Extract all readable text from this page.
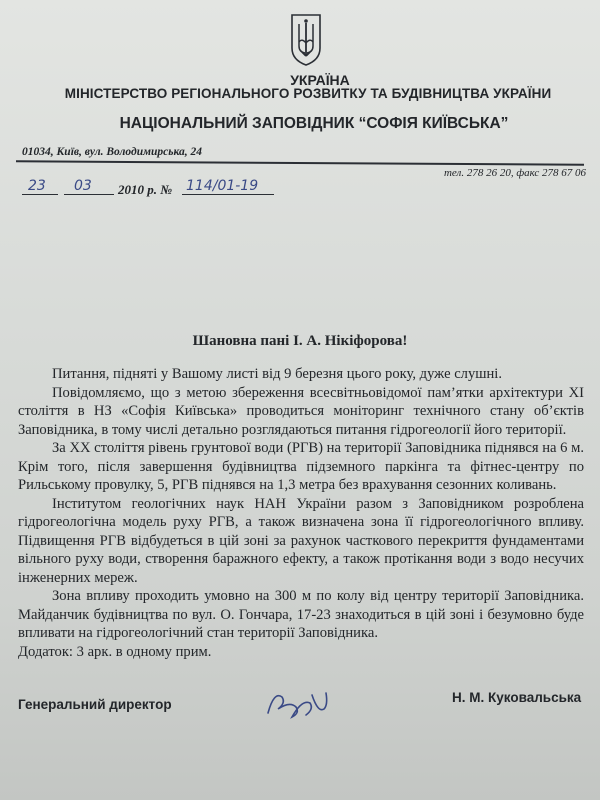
УКРАЇНА
МІНІСТЕРСТВО РЕГІОНАЛЬНОГО РОЗВИТКУ ТА БУДІВНИЦТВА УКРАЇНИ
НАЦІОНАЛЬНИЙ ЗАПОВІДНИК “СОФІЯ КИЇВСЬКА”
01034, Київ, вул. Володимирська, 24
тел. 278 26 20, факс 278 67 06
23 03 2010 р. № 114/01-19
Шановна пані І. А. Нікіфорова!

Питання, підняті у Вашому листі від 9 березня цього року, дуже слушні.

Повідомляємо, що з метою збереження всесвітньовідомої пам’ятки архітектури XI століття в НЗ «Софія Київська» проводиться моніторинг технічного стану об’єктів Заповідника, в тому числі детально розглядаються питання гідрогеології його території.

За XX століття рівень грунтової води (РГВ) на території Заповідника піднявся на 6 м. Крім того, після завершення будівництва підземного паркінга та фітнес-центру по Рильському провулку, 5, РГВ піднявся на 1,3 метра без врахування сезонних коливань.

Інститутом геологічних наук НАН України разом з Заповідником розроблена гідрогеологічна модель руху РГВ, а також визначена зона її гідрогеологічного впливу. Підвищення РГВ відбудеться в цій зоні за рахунок часткового перекриття фундаментами вільного руху води, створення баражного ефекту, а також протікання води з водо несучих інженерних мереж.

Зона впливу проходить умовно на 300 м по колу від центру території Заповідника. Майданчик будівництва по вул. О. Гончара, 17-23 знаходиться в цій зоні і безумовно буде впливати на гідрогеологічний стан території Заповідника.

Додаток: 3 арк. в одному прим.
Генеральний директор	Н. М. Куковальська
